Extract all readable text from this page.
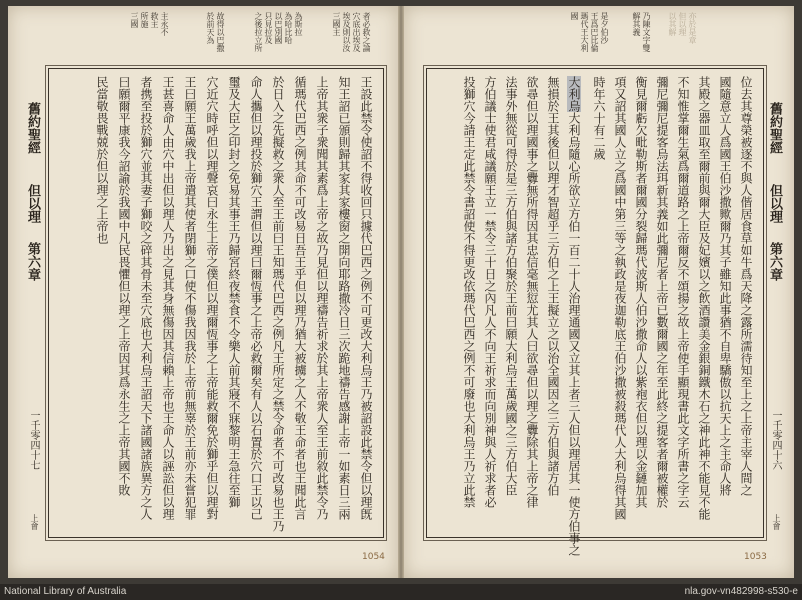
者必救之論
穴底出埃及
埃及則以汝
三國主
為斯拉
為哈比哈
以巴別國
只見拉及
之後拉立所
故得以巴撒
於前天為
主永不
救主
所施
三國
王設此禁令使詔不得收回只據代巴西之例不可更改大利烏王乃被詔設此禁令但以理旣
知王詔已頒則歸其家其家樓窗之開向耶路撒冷日三次跪地禱告感謝上帝一如素日三兩
上帝其衆子衆聞其素爲上帝之故乃見但以理禱告祈求於其上帝衆人至王前敘此禁令乃
循瑪代巴西之例其命不可改易日吾王乎但以理乃猶大被擄之人不敬王命者也王聞此言
於日入之先擬救之衆人至王前曰王知瑪代巴西之例凡王所定之禁令命者不可改易也王乃
命人攜但以理投於獅穴王謂但以理曰爾恆事之上帝必救爾矣有人以石置於穴口王以己
璽及大臣之印封之免易其事王乃歸宮終夜禁食不令樂人前其寢不寐黎明王急往至獅
穴近穴時呼但以理聲哀曰永生上帝之僕但以理爾恆事之上帝能救爾免於獅乎但以理對
王曰願王萬歲我上帝遣其使者閉獅之口使不傷我因我於上帝前無辜於王前亦未嘗犯罪
王甚喜命人由穴中出但以理人乃出之見其身無傷因其信賴上帝也王命人以誣訟但以理
者携至投於獅穴並其妻子獅咬之碎其骨未至穴底也大利烏王詔天下諸國諸族異方之人
曰願爾平康我今詔諭於我國中凡民畏懼但以理之上帝因其爲永生之上帝其國不敗
民當敬畏戰兢於但以理之上帝也
舊約聖經
但以理
第六章
一千零四十七
上會
1054
亦於是章
但以理
以其解
乃陳文字雙
解其義
是夕伯沙
王爲巴比倫
瑪代王大利
國
舊約聖經
但以理
第六章
一千零四十六
上會
位去其尊榮被逐不與人偕居食草如牛爲天降之露所濡待知至上之上帝主宰人間之
國隨意立人爲國王伯沙撒歟爾乃其子雖知此事猶不自卑驕傲以抗天上之主命人將
其殿之器皿取至爾前與爾大臣及妃嬪以之飲酒讚美金銀銅鐵木石之神此神不能見不能
不知惟掌爾生氣爲爾道路之上帝爾反不頌揚之故上帝使手顯現書此文字所書之字云
彌尼彌尼提客烏法珥新其義如此彌尼者上帝已數爾國之年至此終之提客者爾被權於
衡見爾虧欠毗勒斯者爾國分裂歸瑪代波斯人伯沙撒命人以紫袍衣但以理以金鏈加其
項又詔其國人立之爲國中第三等之執政是夜迦勒底王伯沙撒被殺瑪代人大利烏得其國
時年六十有二歲
大利烏大利烏隨心所欲立方伯一百二十人治理通國又立其上者三人但以理居其一使方伯事之
無損於王其後但以理才智超乎三方伯之上王擬立之以治全國因之三方伯與諸方伯
欲尋但以理國事之釁無所得因其忠信毫無愆尤其人曰欲尋但以理之釁除其上帝之律
法事外無從可得於是三方伯與諸方伯聚於王前曰願大利烏王萬歲國之三方伯大臣
方伯議士使君咸議願王立一禁令三十日之內凡人不向王祈求而向別神與人祈求者必
投獅穴今請王定此禁令書詔使不得更改依瑪代巴西之例不可廢也大利烏王乃立此禁
1053
National Library of Australia	nla.gov-vn482998-s530-e
